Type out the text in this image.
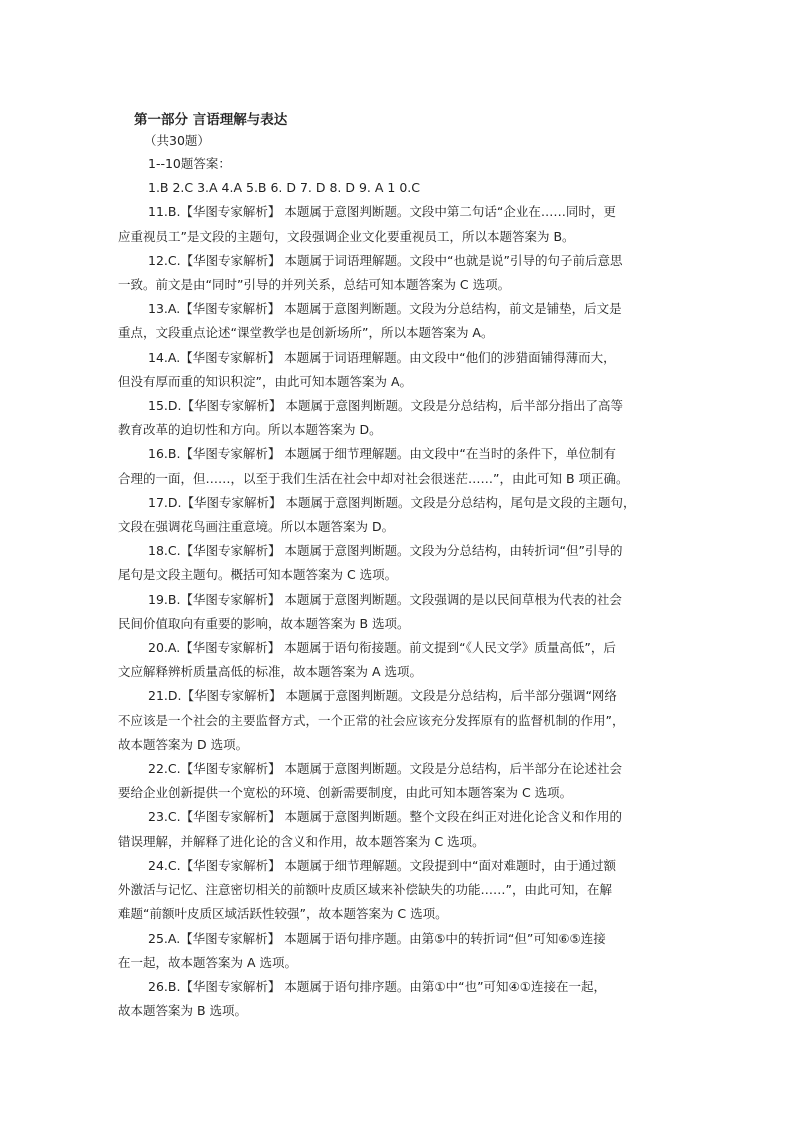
第一部分 言语理解与表达

（共30题）

1--10题答案：

1.B 2.C 3.A 4.A 5.B 6. D 7. D 8. D 9. A 1 0.C

11.B.【华图专家解析】 本题属于意图判断题。文段中第二句话“企业在……同时，更

应重视员工”是文段的主题句，文段强调企业文化要重视员工，所以本题答案为 B。

12.C.【华图专家解析】 本题属于词语理解题。文段中“也就是说”引导的句子前后意思

一致。前文是由“同时”引导的并列关系，总结可知本题答案为 C 选项。

13.A.【华图专家解析】 本题属于意图判断题。文段为分总结构，前文是铺垫，后文是

重点，文段重点论述“课堂教学也是创新场所”，所以本题答案为 A。

14.A.【华图专家解析】 本题属于词语理解题。由文段中“他们的涉猎面铺得薄而大，

但没有厚而重的知识积淀”，由此可知本题答案为 A。

15.D.【华图专家解析】 本题属于意图判断题。文段是分总结构，后半部分指出了高等

教育改革的迫切性和方向。所以本题答案为 D。

16.B.【华图专家解析】 本题属于细节理解题。由文段中“在当时的条件下，单位制有

合理的一面，但……，以至于我们生活在社会中却对社会很迷茫……”，由此可知 B 项正确。

17.D.【华图专家解析】 本题属于意图判断题。文段是分总结构，尾句是文段的主题句，

文段在强调花鸟画注重意境。所以本题答案为 D。

18.C.【华图专家解析】 本题属于意图判断题。文段为分总结构，由转折词“但”引导的

尾句是文段主题句。概括可知本题答案为 C 选项。

19.B.【华图专家解析】 本题属于意图判断题。文段强调的是以民间草根为代表的社会

民间价值取向有重要的影响，故本题答案为 B 选项。

20.A.【华图专家解析】 本题属于语句衔接题。前文提到“《人民文学》质量高低”，后

文应解释辨析质量高低的标准，故本题答案为 A 选项。

21.D.【华图专家解析】 本题属于意图判断题。文段是分总结构，后半部分强调“网络

不应该是一个社会的主要监督方式，一个正常的社会应该充分发挥原有的监督机制的作用”，

故本题答案为 D 选项。

22.C.【华图专家解析】 本题属于意图判断题。文段是分总结构，后半部分在论述社会

要给企业创新提供一个宽松的环境、创新需要制度，由此可知本题答案为 C 选项。

23.C.【华图专家解析】 本题属于意图判断题。整个文段在纠正对进化论含义和作用的

错误理解，并解释了进化论的含义和作用，故本题答案为 C 选项。

24.C.【华图专家解析】 本题属于细节理解题。文段提到中“面对难题时，由于通过额

外激活与记忆、注意密切相关的前额叶皮质区域来补偿缺失的功能……”，由此可知，在解

难题“前额叶皮质区域活跃性较强”，故本题答案为 C 选项。

25.A.【华图专家解析】 本题属于语句排序题。由第⑤中的转折词“但”可知⑥⑤连接

在一起，故本题答案为 A 选项。

26.B.【华图专家解析】 本题属于语句排序题。由第①中“也”可知④①连接在一起，

故本题答案为 B 选项。
